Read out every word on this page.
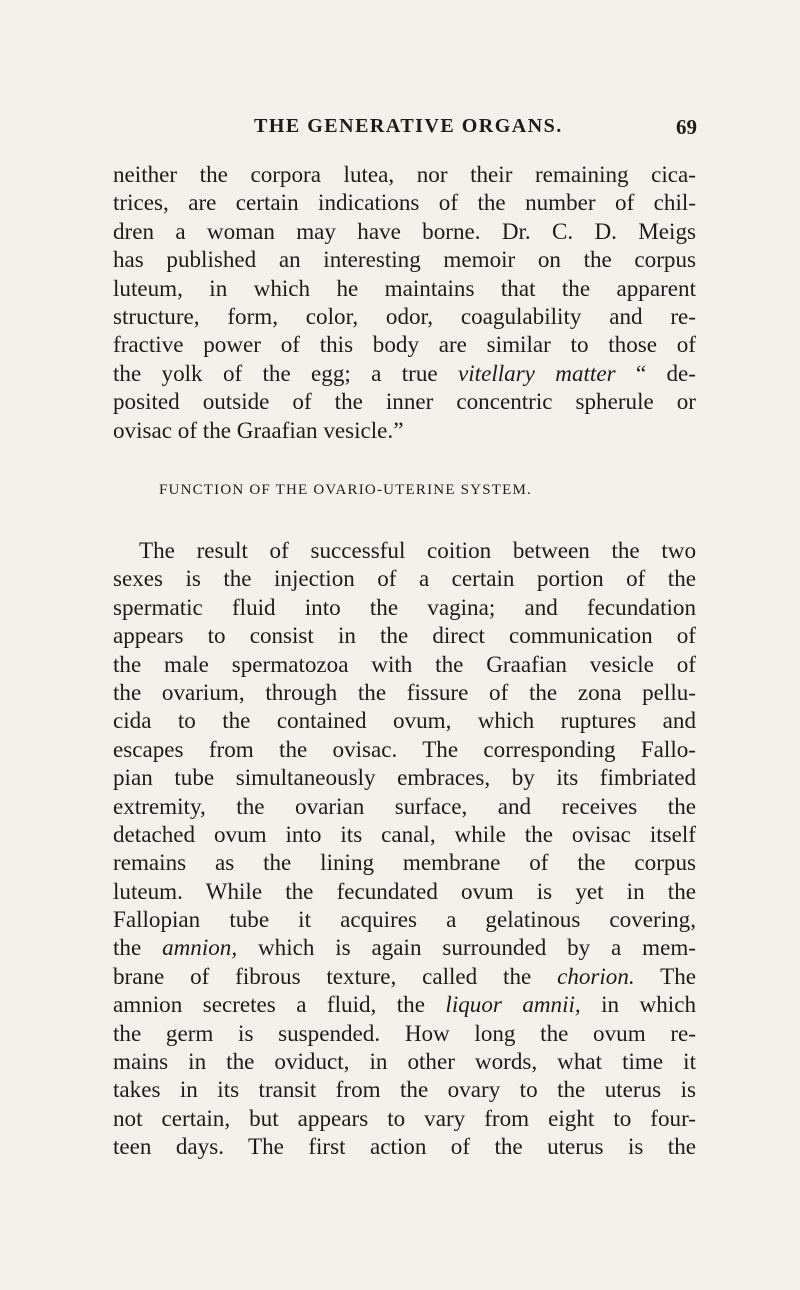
THE GENERATIVE ORGANS.	69
neither the corpora lutea, nor their remaining cica-
trices, are certain indications of the number of chil-
dren a woman may have borne. Dr. C. D. Meigs
has published an interesting memoir on the corpus
luteum, in which he maintains that the apparent
structure, form, color, odor, coagulability and re-
fractive power of this body are similar to those of
the yolk of the egg; a true vitellary matter “ de-
posited outside of the inner concentric spherule or
ovisac of the Graafian vesicle.”
FUNCTION OF THE OVARIO-UTERINE SYSTEM.
The result of successful coition between the two
sexes is the injection of a certain portion of the
spermatic fluid into the vagina; and fecundation
appears to consist in the direct communication of
the male spermatozoa with the Graafian vesicle of
the ovarium, through the fissure of the zona pellu-
cida to the contained ovum, which ruptures and
escapes from the ovisac. The corresponding Fallo-
pian tube simultaneously embraces, by its fimbriated
extremity, the ovarian surface, and receives the
detached ovum into its canal, while the ovisac itself
remains as the lining membrane of the corpus
luteum. While the fecundated ovum is yet in the
Fallopian tube it acquires a gelatinous covering,
the amnion, which is again surrounded by a mem-
brane of fibrous texture, called the chorion. The
amnion secretes a fluid, the liquor amnii, in which
the germ is suspended. How long the ovum re-
mains in the oviduct, in other words, what time it
takes in its transit from the ovary to the uterus is
not certain, but appears to vary from eight to four-
teen days. The first action of the uterus is the
